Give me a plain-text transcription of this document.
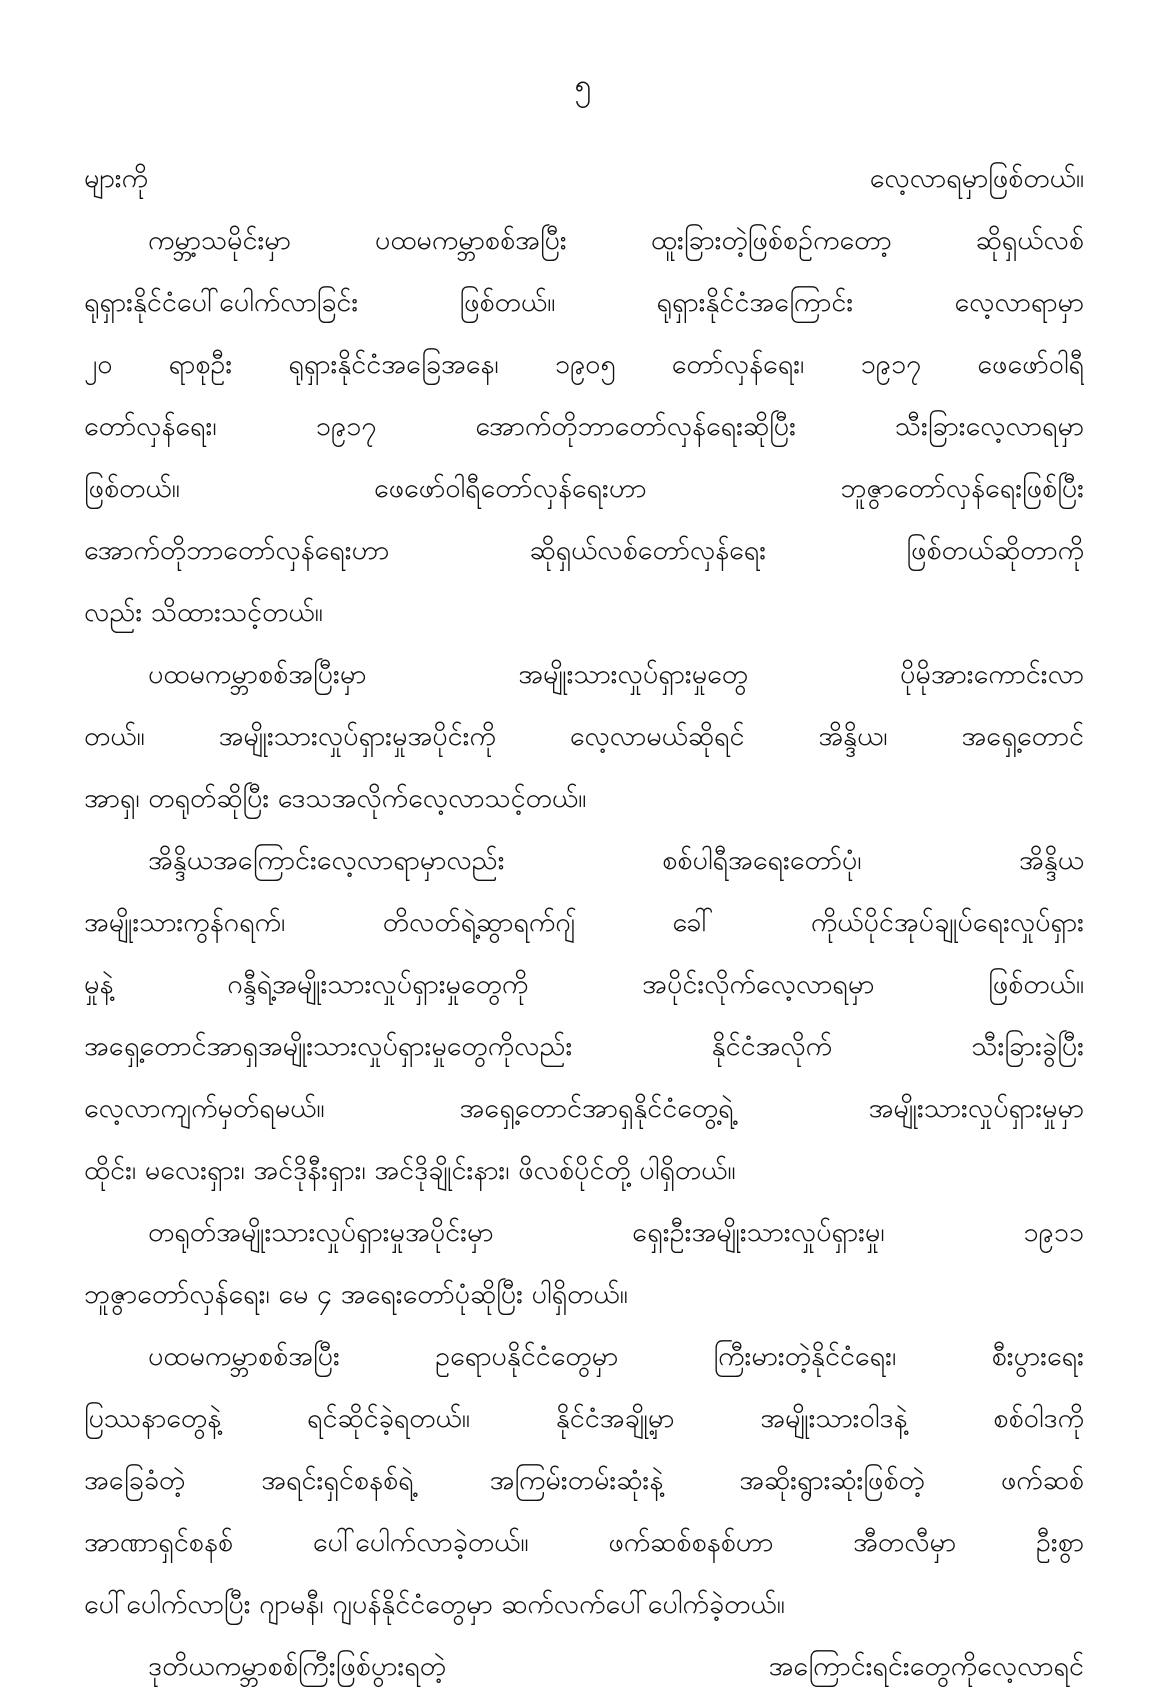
၅
များကို လေ့လာရမှာဖြစ်တယ်။
ကမ္ဘာ့သမိုင်းမှာ ပထမကမ္ဘာစစ်အပြီး ထူးခြားတဲ့ဖြစ်စဉ်ကတော့ ဆိုရှယ်လစ်
ရုရှားနိုင်ငံပေါ်ပေါက်လာခြင်း ဖြစ်တယ်။ ရုရှားနိုင်ငံအကြောင်း လေ့လာရာမှာ
၂၀ ရာစုဦး ရုရှားနိုင်ငံအခြေအနေ၊ ၁၉၀၅ တော်လှန်ရေး၊ ၁၉၁၇ ဖေဖော်ဝါရီ
တော်လှန်ရေး၊ ၁၉၁၇ အောက်တိုဘာတော်လှန်ရေးဆိုပြီး သီးခြားလေ့လာရမှာ
ဖြစ်တယ်။ ဖေဖော်ဝါရီတော်လှန်ရေးဟာ ဘူဇွာတော်လှန်ရေးဖြစ်ပြီး
အောက်တိုဘာတော်လှန်ရေးဟာ ဆိုရှယ်လစ်တော်လှန်ရေး ဖြစ်တယ်ဆိုတာကို
လည်း သိထားသင့်တယ်။
ပထမကမ္ဘာစစ်အပြီးမှာ အမျိုးသားလှုပ်ရှားမှုတွေ ပိုမိုအားကောင်းလာ
တယ်။ အမျိုးသားလှုပ်ရှားမှုအပိုင်းကို လေ့လာမယ်ဆိုရင် အိန္ဒိယ၊ အရှေ့တောင်
အာရှ၊ တရုတ်ဆိုပြီး ဒေသအလိုက်လေ့လာသင့်တယ်။
အိန္ဒိယအကြောင်းလေ့လာရာမှာလည်း စစ်ပါရီအရေးတော်ပုံ၊ အိန္ဒိယ
အမျိုးသားကွန်ဂရက်၊ တိလတ်ရဲ့ဆွာရက်ဂျ် ခေါ် ကိုယ်ပိုင်အုပ်ချုပ်ရေးလှုပ်ရှား
မှုနဲ့ ဂန္ဒီရဲ့အမျိုးသားလှုပ်ရှားမှုတွေကို အပိုင်းလိုက်လေ့လာရမှာ ဖြစ်တယ်။
အရှေ့တောင်အာရှအမျိုးသားလှုပ်ရှားမှုတွေကိုလည်း နိုင်ငံအလိုက် သီးခြားခွဲပြီး
လေ့လာကျက်မှတ်ရမယ်။ အရှေ့တောင်အာရှနိုင်ငံတွေ့ရဲ့ အမျိုးသားလှုပ်ရှားမှုမှာ
ထိုင်း၊ မလေးရှား၊ အင်ဒိုနီးရှား၊ အင်ဒိုချိုင်းနား၊ ဖိလစ်ပိုင်တို့ ပါရှိတယ်။
တရုတ်အမျိုးသားလှုပ်ရှားမှုအပိုင်းမှာ ရှေးဦးအမျိုးသားလှုပ်ရှားမှု၊ ၁၉၁၁
ဘူဇွာတော်လှန်ရေး၊ မေ ၄ အရေးတော်ပုံဆိုပြီး ပါရှိတယ်။
ပထမကမ္ဘာစစ်အပြီး ဥရောပနိုင်ငံတွေမှာ ကြီးမားတဲ့နိုင်ငံရေး၊ စီးပွားရေး
ပြဿနာတွေနဲ့ ရင်ဆိုင်ခဲ့ရတယ်။ နိုင်ငံအချို့မှာ အမျိုးသားဝါဒနဲ့ စစ်ဝါဒကို
အခြေခံတဲ့ အရင်းရှင်စနစ်ရဲ့ အကြမ်းတမ်းဆုံးနဲ့ အဆိုးရွားဆုံးဖြစ်တဲ့ ဖက်ဆစ်
အာဏာရှင်စနစ် ပေါ်ပေါက်လာခဲ့တယ်။ ဖက်ဆစ်စနစ်ဟာ အီတလီမှာ ဦးစွာ
ပေါ်ပေါက်လာပြီး ဂျာမနီ၊ ဂျပန်နိုင်ငံတွေမှာ ဆက်လက်ပေါ်ပေါက်ခဲ့တယ်။
ဒုတိယကမ္ဘာစစ်ကြီးဖြစ်ပွားရတဲ့ အကြောင်းရင်းတွေကိုလေ့လာရင်
